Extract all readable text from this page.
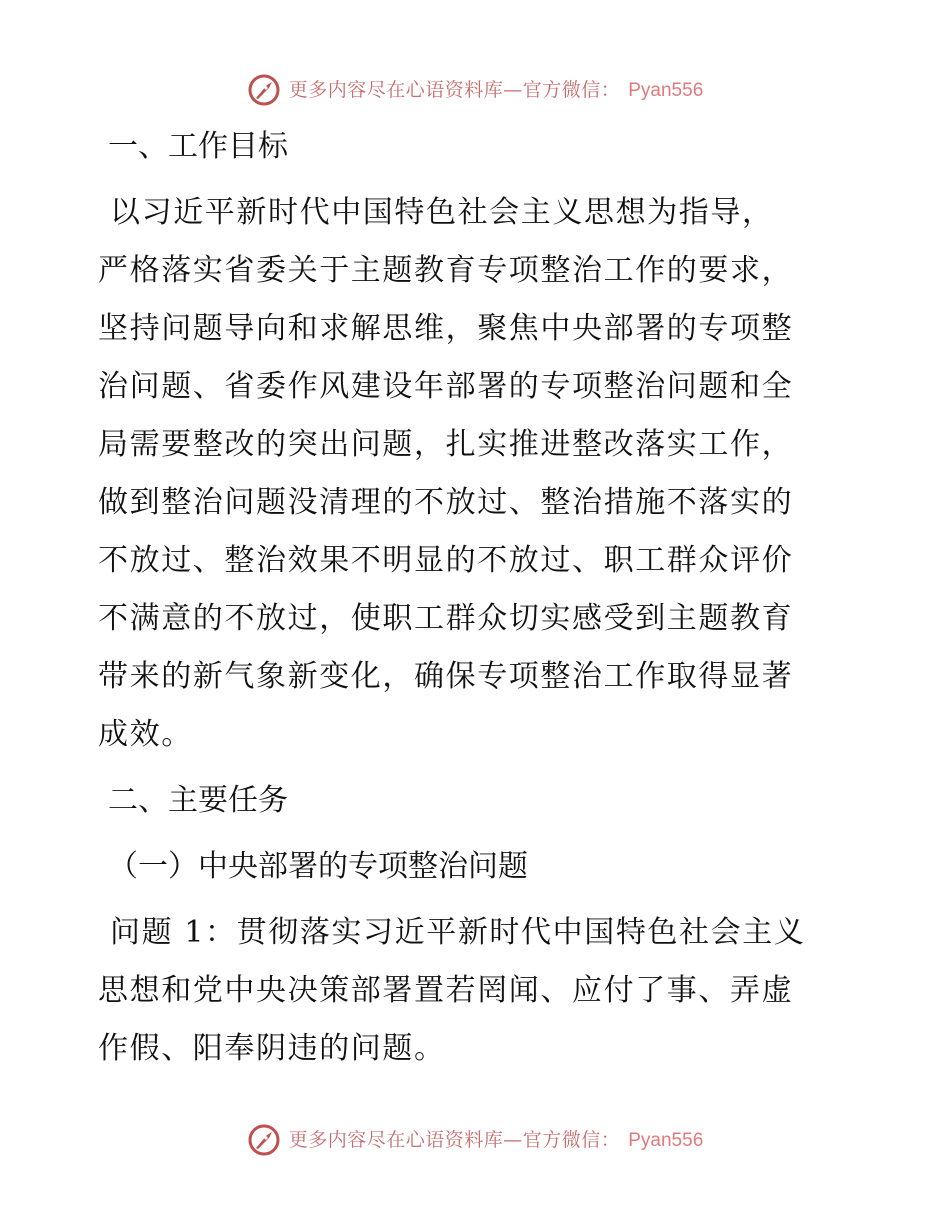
更多内容尽在心语资料库—官方微信： Pyan556

一、工作目标

以习近平新时代中国特色社会主义思想为指导，
严格落实省委关于主题教育专项整治工作的要求，
坚持问题导向和求解思维，聚焦中央部署的专项整
治问题、省委作风建设年部署的专项整治问题和全
局需要整改的突出问题，扎实推进整改落实工作，
做到整治问题没清理的不放过、整治措施不落实的
不放过、整治效果不明显的不放过、职工群众评价
不满意的不放过，使职工群众切实感受到主题教育
带来的新气象新变化，确保专项整治工作取得显著
成效。

二、主要任务

（一）中央部署的专项整治问题

问题 1：贯彻落实习近平新时代中国特色社会主义
思想和党中央决策部署置若罔闻、应付了事、弄虚
作假、阳奉阴违的问题。

更多内容尽在心语资料库—官方微信： Pyan556
